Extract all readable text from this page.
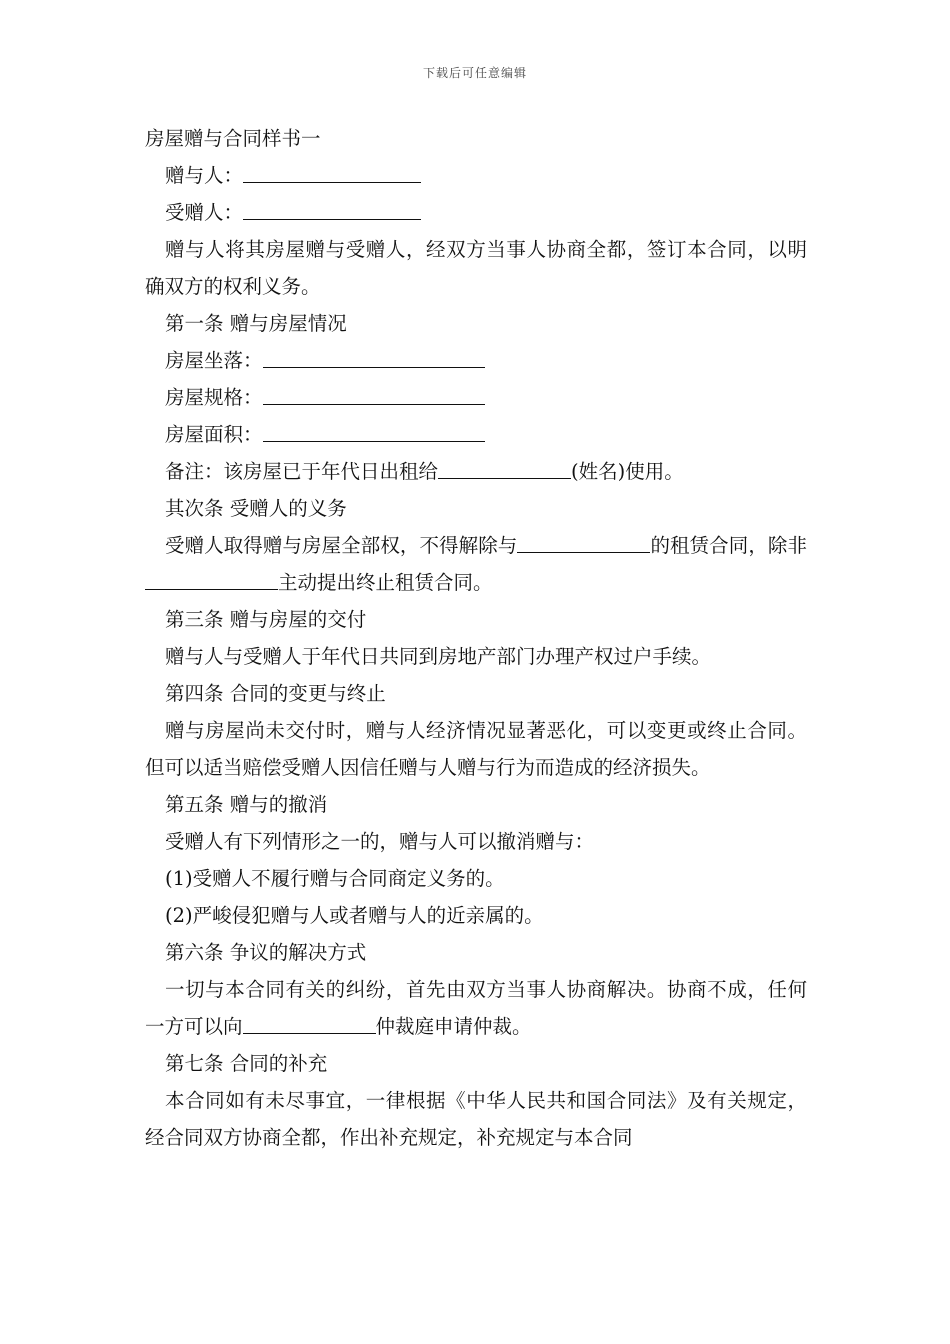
下载后可任意编辑
房屋赠与合同样书一
赠与人：
受赠人：
赠与人将其房屋赠与受赠人，经双方当事人协商全都，签订本合同，以明确双方的权利义务。
第一条 赠与房屋情况
房屋坐落：
房屋规格：
房屋面积：
备注：该房屋已于年代日出租给	(姓名)使用。
其次条 受赠人的义务
受赠人取得赠与房屋全部权，不得解除与	的租赁合同，除非主动提出终止租赁合同。
第三条 赠与房屋的交付
赠与人与受赠人于年代日共同到房地产部门办理产权过户手续。
第四条 合同的变更与终止
赠与房屋尚未交付时，赠与人经济情况显著恶化，可以变更或终止合同。但可以适当赔偿受赠人因信任赠与人赠与行为而造成的经济损失。
第五条 赠与的撤消
受赠人有下列情形之一的，赠与人可以撤消赠与：
(1)受赠人不履行赠与合同商定义务的。
(2)严峻侵犯赠与人或者赠与人的近亲属的。
第六条 争议的解决方式
一切与本合同有关的纠纷，首先由双方当事人协商解决。协商不成，任何一方可以向	仲裁庭申请仲裁。
第七条 合同的补充
本合同如有未尽事宜，一律根据《中华人民共和国合同法》及有关规定，经合同双方协商全都，作出补充规定，补充规定与本合同
